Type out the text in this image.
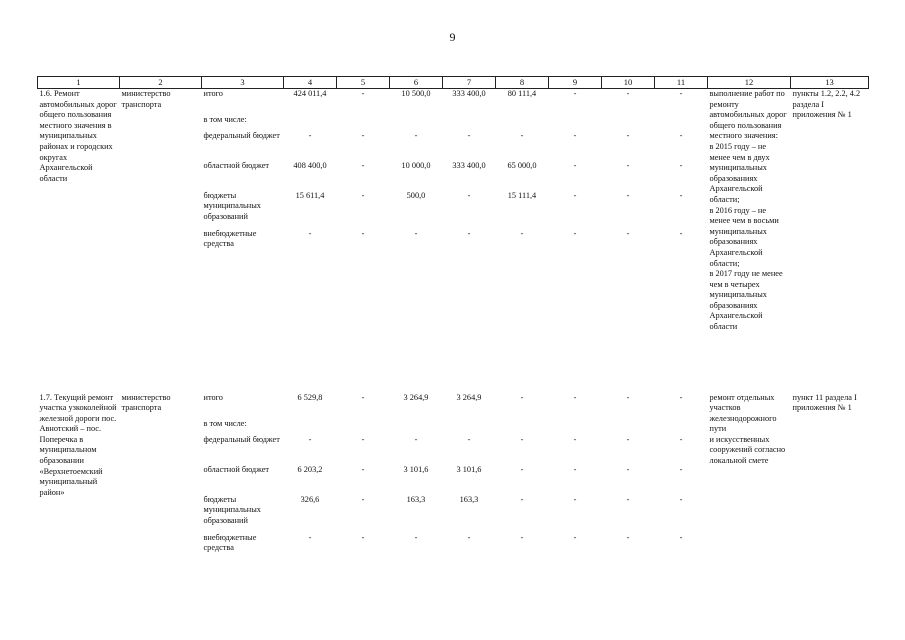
9
1	2	3	4	5	6	7	8	9	10	11	12	13
1.6. Ремонт автомобильных дорог общего пользования местного значения в муниципальных районах и городских округах Архангельской области	министерство транспорта	итого	424 011,4	-	10 500,0	333 400,0	80 111,4	-	-	-	выполнение работ по ремонту автомобильных дорог общего пользования местного значения:
в 2015 году – не менее чем в двух муниципальных образованиях Архангельской области;
в 2016 году – не менее чем в восьми муниципальных образованиях Архангельской области;
в 2017 году не менее чем в четырех муниципальных образованиях Архангельской области	пункты 1.2, 2.2, 4.2 раздела I приложения № 1
		в том числе:										
		федеральный бюджет	-	-	-	-	-	-	-	-		
		областной бюджет	408 400,0	-	10 000,0	333 400,0	65 000,0	-	-	-		
		бюджеты муниципальных образований	15 611,4	-	500,0	-	15 111,4	-	-	-		
		внебюджетные средства	-	-	-	-	-	-	-	-		

1.7. Текущий ремонт участка узкоколейной железной дороги пос. Авнотский – пос. Поперечка в муниципальном образовании «Верхнетоемский муниципальный район»	министерство транспорта	итого	6 529,8	-	3 264,9	3 264,9	-	-	-	-	ремонт отдельных участков железнодорожного пути
и искусственных сооружений согласно локальной смете	пункт 11 раздела I приложения № 1
		в том числе:										
		федеральный бюджет	-	-	-	-	-	-	-	-		
		областной бюджет	6 203,2	-	3 101,6	3 101,6	-	-	-	-		
		бюджеты муниципальных образований	326,6	-	163,3	163,3	-	-	-	-		
		внебюджетные средства	-	-	-	-	-	-	-	-		
